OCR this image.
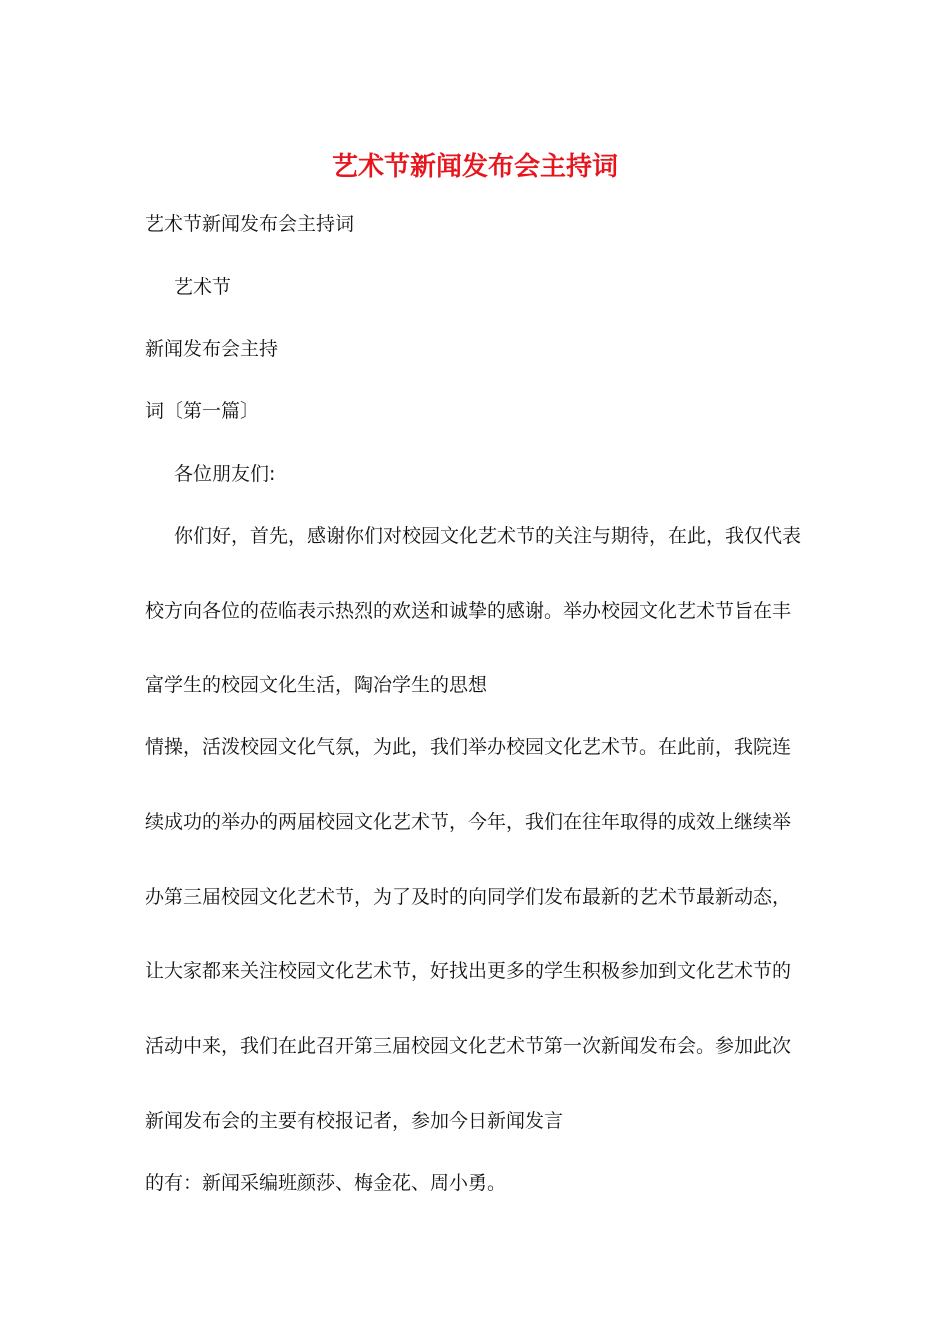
艺术节新闻发布会主持词
艺术节新闻发布会主持词
艺术节
新闻发布会主持
词〔第一篇〕
各位朋友们:
你们好，首先，感谢你们对校园文化艺术节的关注与期待，在此，我仅代表
校方向各位的莅临表示热烈的欢送和诚挚的感谢。举办校园文化艺术节旨在丰
富学生的校园文化生活，陶冶学生的思想
情操，活泼校园文化气氛，为此，我们举办校园文化艺术节。在此前，我院连
续成功的举办的两届校园文化艺术节，今年，我们在往年取得的成效上继续举
办第三届校园文化艺术节，为了及时的向同学们发布最新的艺术节最新动态，
让大家都来关注校园文化艺术节，好找出更多的学生积极参加到文化艺术节的
活动中来，我们在此召开第三届校园文化艺术节第一次新闻发布会。参加此次
新闻发布会的主要有校报记者，参加今日新闻发言
的有：新闻采编班颜莎、梅金花、周小勇。
